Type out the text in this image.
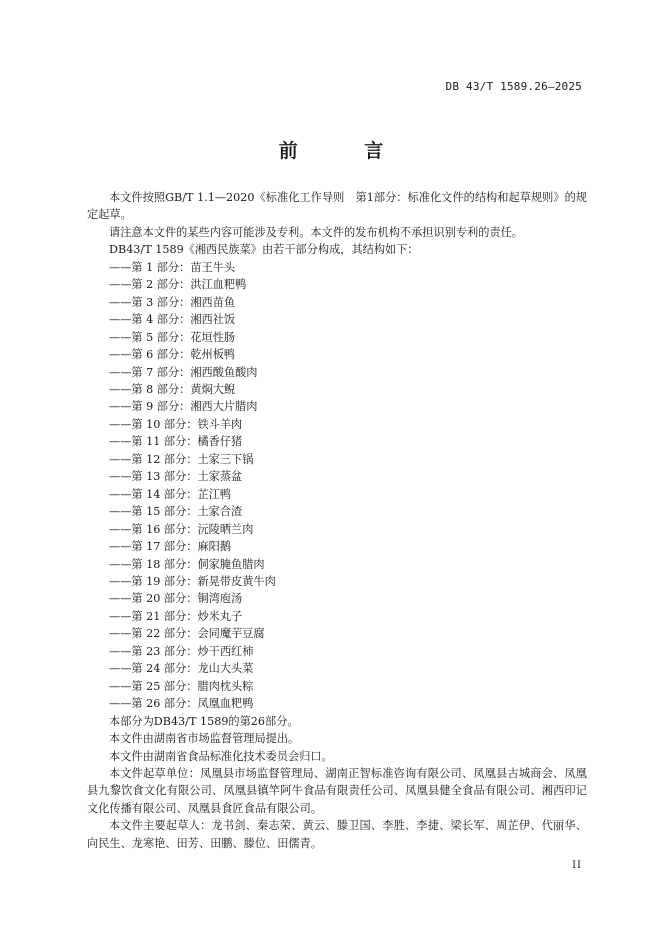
DB 43/T 1589.26—2025
前 言

本文件按照GB/T 1.1—2020《标准化工作导则　第1部分：标准化文件的结构和起草规则》的规定起草。

请注意本文件的某些内容可能涉及专利。本文件的发布机构不承担识别专利的责任。

DB43/T 1589《湘西民族菜》由若干部分构成，其结构如下：

——第 1 部分：苗王牛头

——第 2 部分：洪江血粑鸭

——第 3 部分：湘西苗鱼

——第 4 部分：湘西社饭

——第 5 部分：花垣性肠

——第 6 部分：乾州板鸭

——第 7 部分：湘西酸鱼酸肉

——第 8 部分：黄焖大鲵

——第 9 部分：湘西大片腊肉

——第 10 部分：铁斗羊肉

——第 11 部分：橘香仔猪

——第 12 部分：土家三下锅

——第 13 部分：土家蒸盆

——第 14 部分：芷江鸭

——第 15 部分：土家合渣

——第 16 部分：沅陵晒兰肉

——第 17 部分：麻阳鹅

——第 18 部分：侗家腌鱼腊肉

——第 19 部分：新晃带皮黄牛肉

——第 20 部分：铜湾庖汤

——第 21 部分：炒米丸子

——第 22 部分：会同魔芋豆腐

——第 23 部分：炒干西红柿

——第 24 部分：龙山大头菜

——第 25 部分：腊肉枕头粽

——第 26 部分：凤凰血粑鸭

本部分为DB43/T 1589的第26部分。

本文件由湖南省市场监督管理局提出。

本文件由湖南省食品标准化技术委员会归口。

本文件起草单位：凤凰县市场监督管理局、湖南正智标准咨询有限公司、凤凰县古城商会、凤凰县九黎饮食文化有限公司、凤凰县镇竿阿牛食品有限责任公司、凤凰县健全食品有限公司、湘西印记文化传播有限公司、凤凰县食匠食品有限公司。

本文件主要起草人：龙书剑、秦志荣、黄云、滕卫国、李胜、李捷、梁长军、周芷伊、代丽华、向民生、龙寒艳、田芳、田鹏、滕位、田儒青。

II
